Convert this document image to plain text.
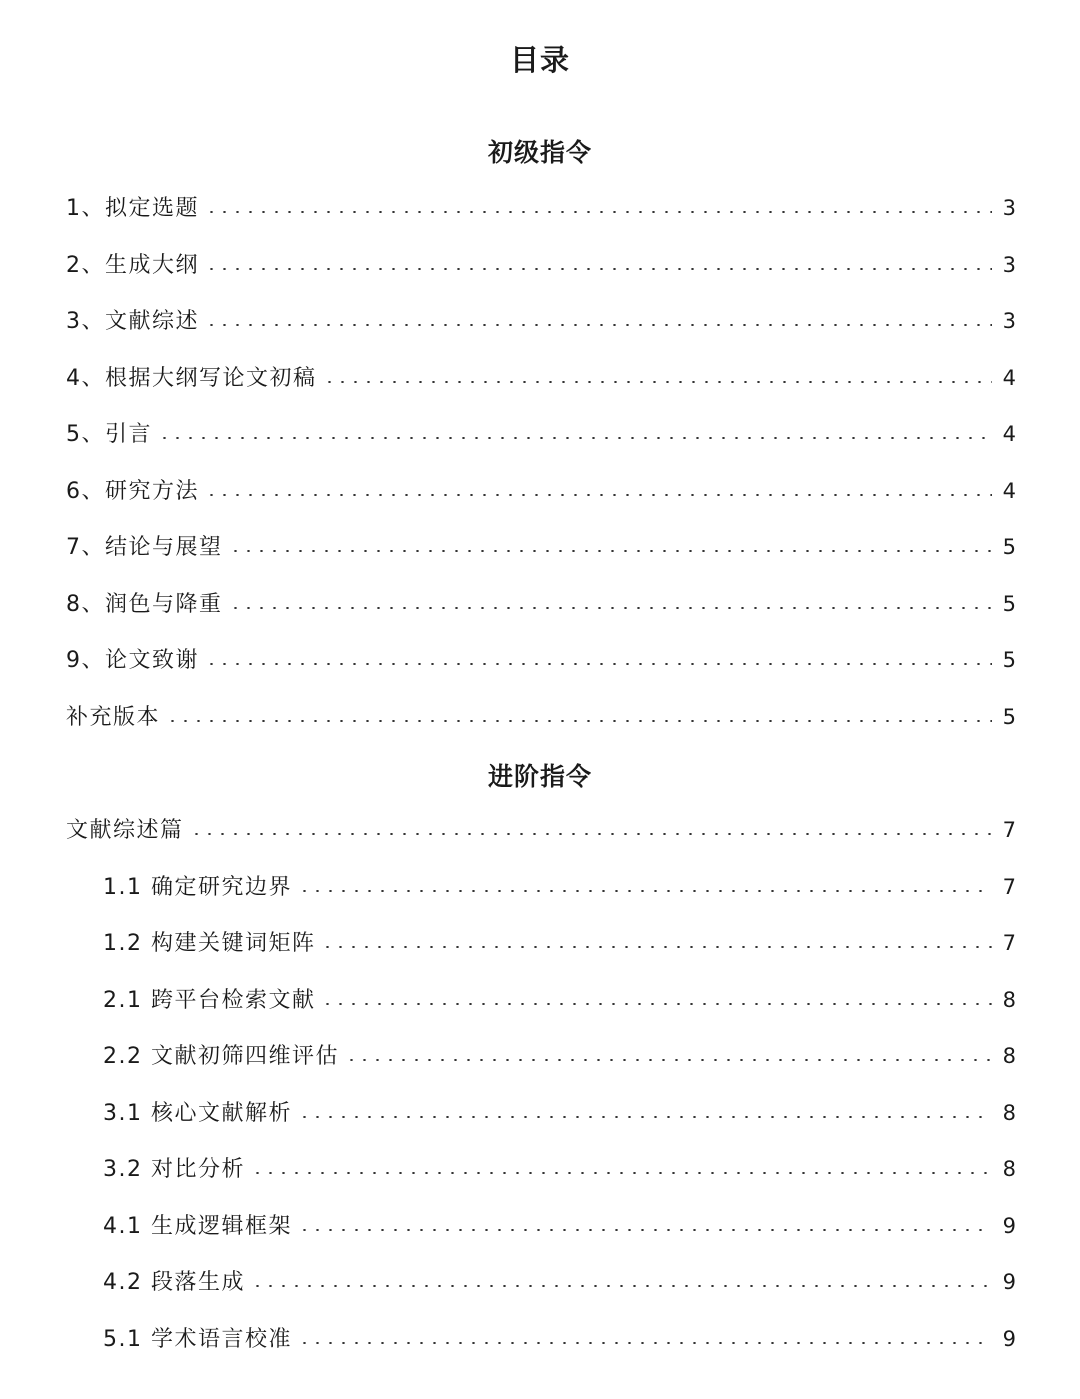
目录
初级指令
1、拟定选题	3
2、生成大纲	3
3、文献综述	3
4、根据大纲写论文初稿	4
5、引言	4
6、研究方法	4
7、结论与展望	5
8、润色与降重	5
9、论文致谢	5
补充版本	5
进阶指令
文献综述篇	7
1.1 确定研究边界	7
1.2 构建关键词矩阵	7
2.1 跨平台检索文献	8
2.2 文献初筛四维评估	8
3.1 核心文献解析	8
3.2 对比分析	8
4.1 生成逻辑框架	9
4.2 段落生成	9
5.1 学术语言校准	9
